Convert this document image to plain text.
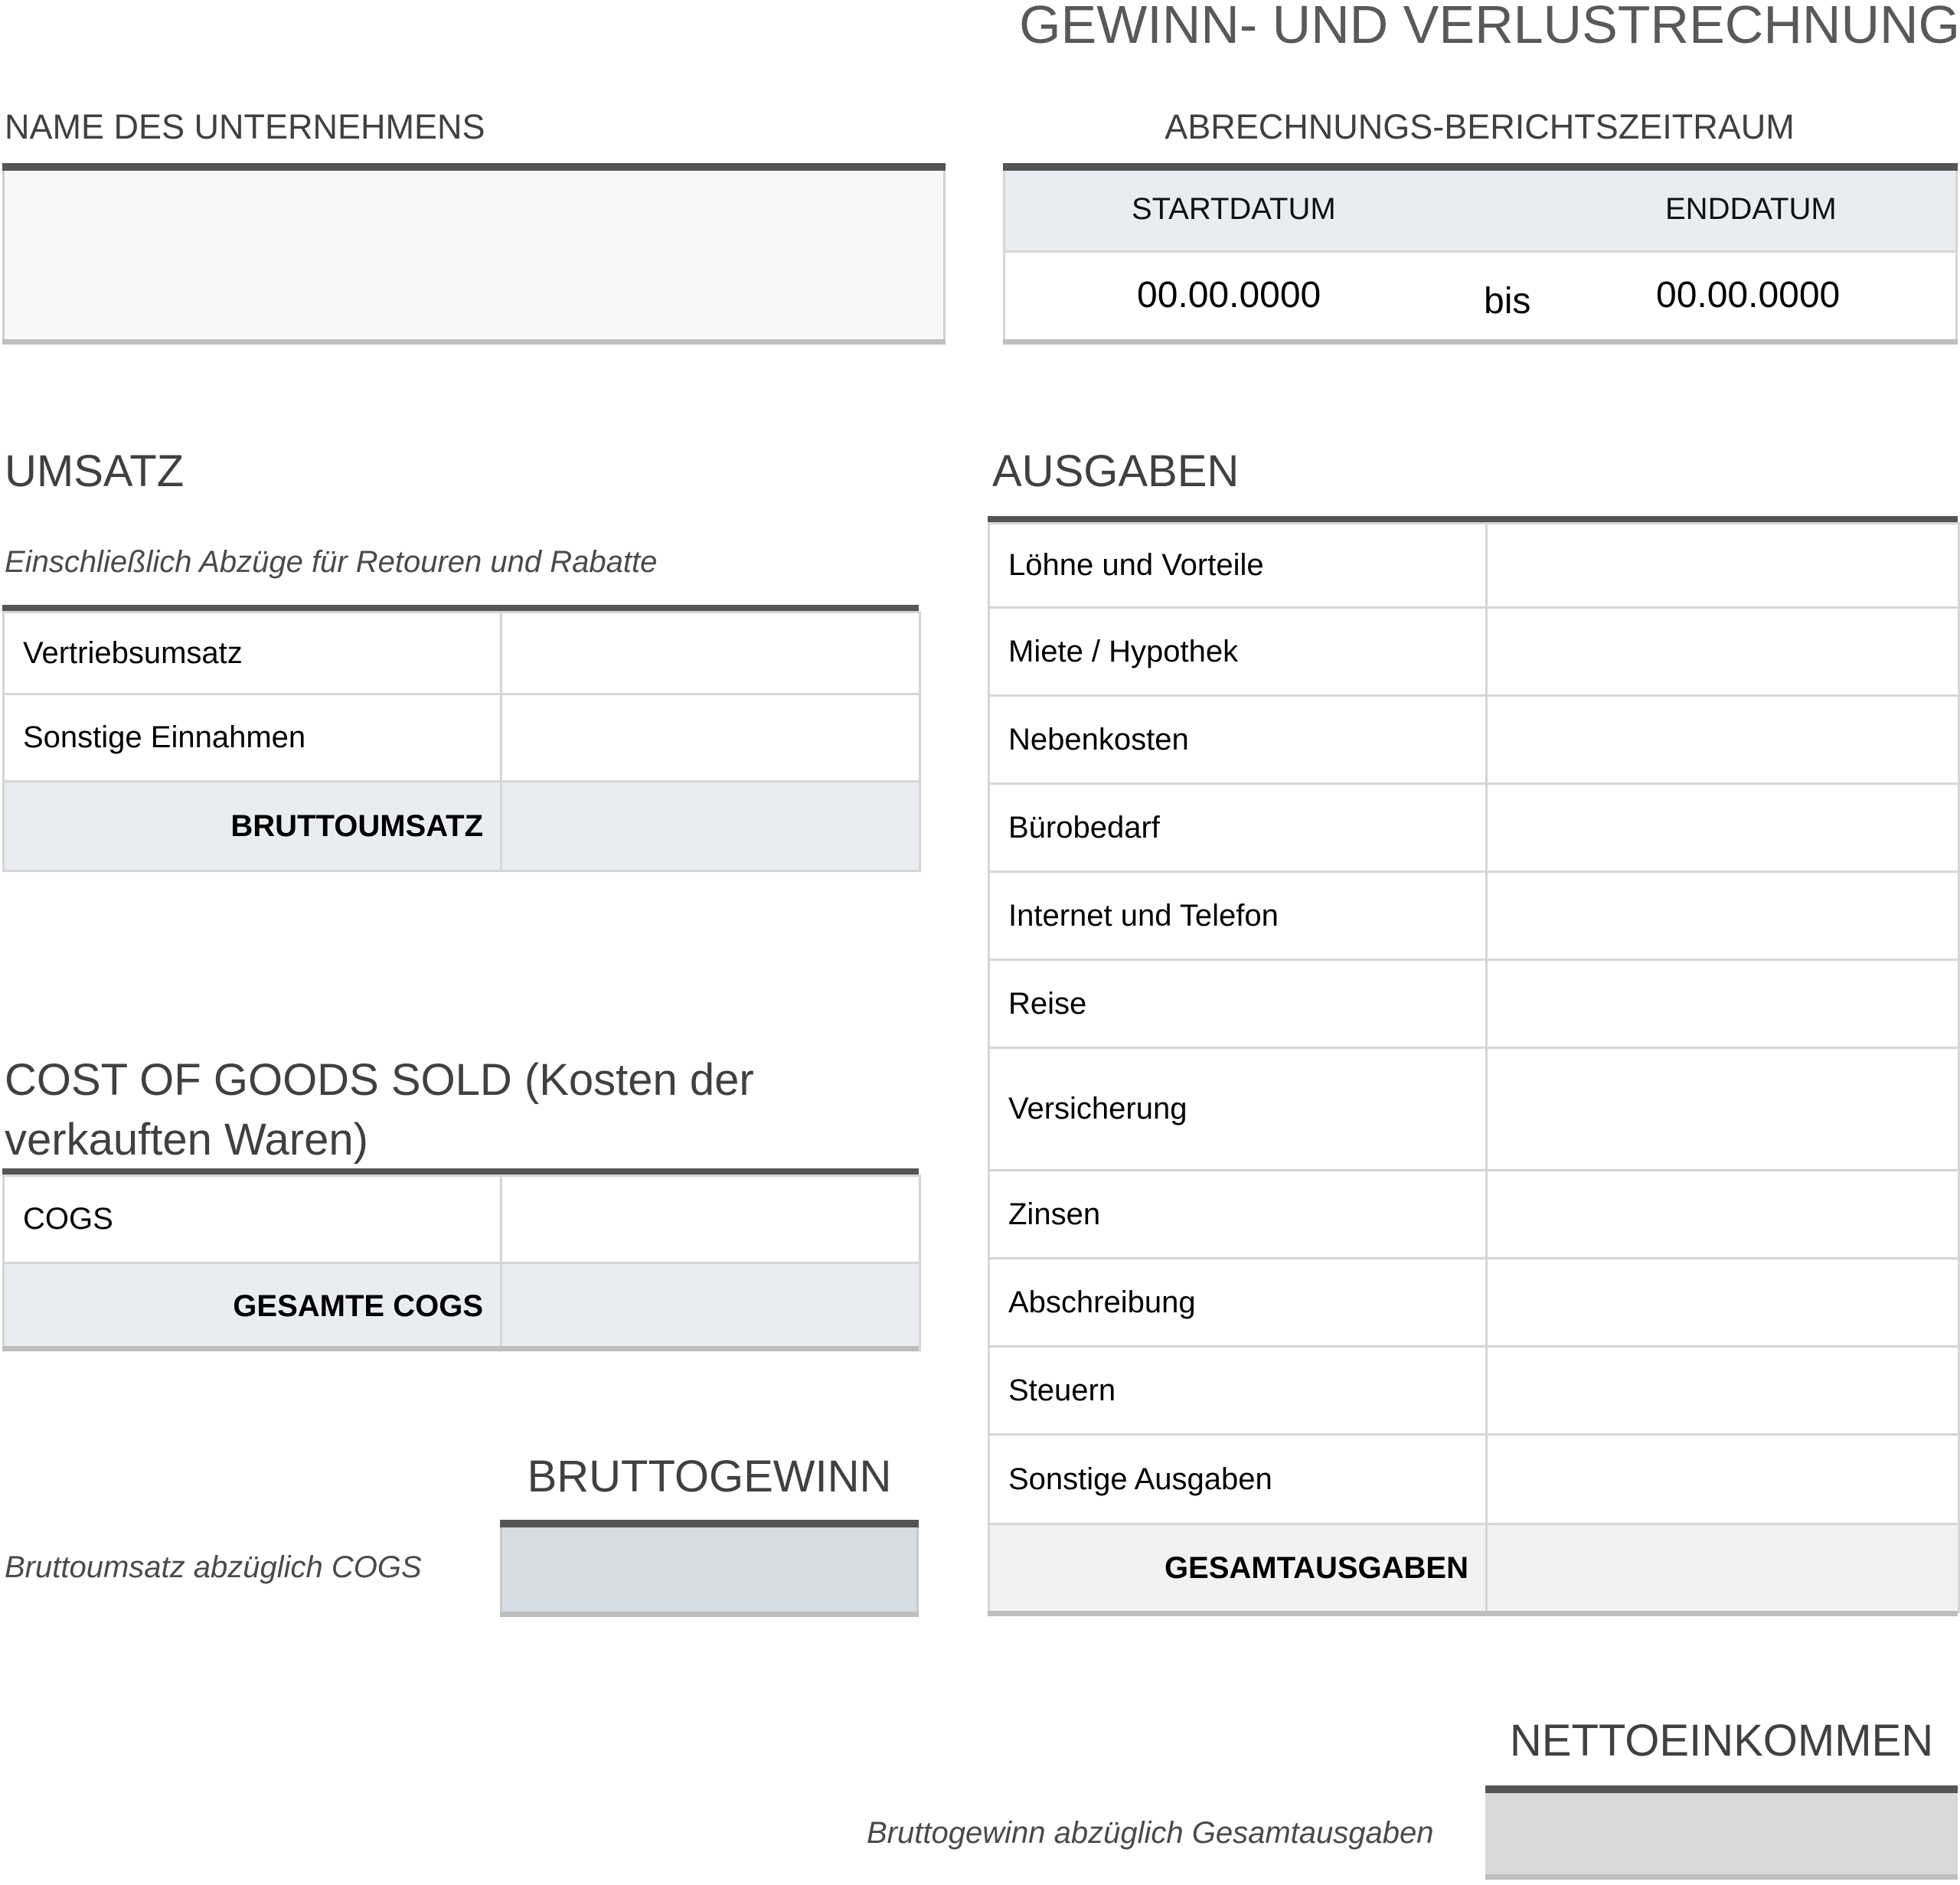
GEWINN- UND VERLUSTRECHNUNG
NAME DES UNTERNEHMENS	ABRECHNUNGS-BERICHTSZEITRAUM
STARTDATUM	ENDDATUM
00.00.0000	bis	00.00.0000
UMSATZ
Einschließlich Abzüge für Retouren und Rabatte
Vertriebsumsatz	
Sonstige Einnahmen	
BRUTTOUMSATZ	
COST OF GOODS SOLD (Kosten der
verkauften Waren)
COGS	
GESAMTE COGS	
BRUTTOGEWINN
Bruttoumsatz abzüglich COGS
AUSGABEN
Löhne und Vorteile	
Miete / Hypothek	
Nebenkosten	
Bürobedarf	
Internet und Telefon	
Reise	
Versicherung	
Zinsen	
Abschreibung	
Steuern	
Sonstige Ausgaben	
GESAMTAUSGABEN	
NETTOEINKOMMEN
Bruttogewinn abzüglich Gesamtausgaben
